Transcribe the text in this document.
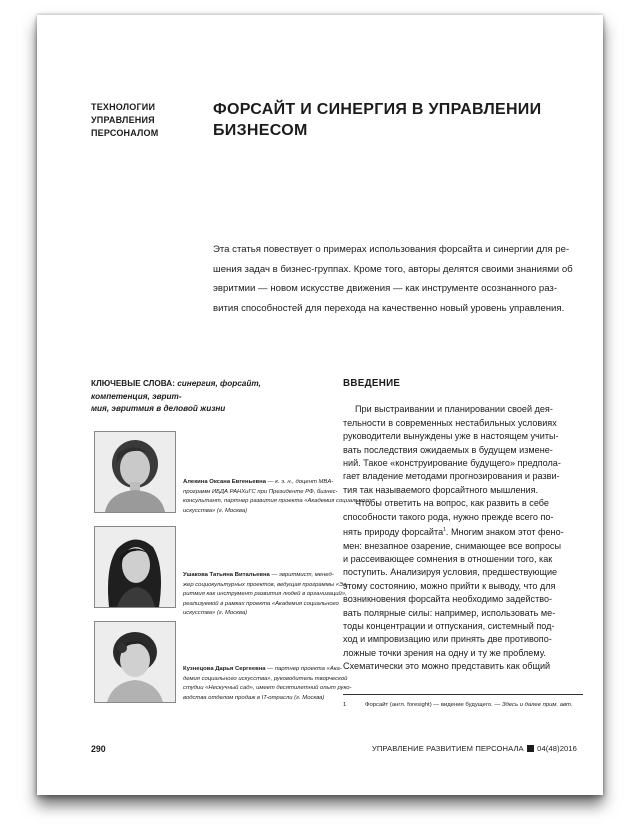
ТЕХНОЛОГИИ
УПРАВЛЕНИЯ
ПЕРСОНАЛОМ
ФОРСАЙТ И СИНЕРГИЯ В УПРАВЛЕНИИ
БИЗНЕСОМ
Эта статья повествует о примерах использования форсайта и синергии для ре-
шения задач в бизнес-группах. Кроме того, авторы делятся своими знаниями об
эвритмии — новом искусстве движения — как инструменте осознанного раз-
вития способностей для перехода на качественно новый уровень управления.
КЛЮЧЕВЫЕ СЛОВА: синергия, форсайт, компетенция, эврит-
мия, эвритмия в деловой жизни
Алекина Оксана Евгеньевна — к. э. н., доцент MBA-
программ ИБДА РАНХиГС при Президенте РФ, бизнес-
консультант, партнер развития проекта «Академия социального
искусства» (г. Москва)
Ушакова Татьяна Витальевна — эвритмист, менед-
жер социокультурных проектов, ведущая программы «Эв-
ритмия как инструмент развития людей в организаций»,
реализуемой в рамках проекта «Академия социального
искусства» (г. Москва)
Кузнецова Дарья Сергеевна — партнер проекта «Ака-
демия социального искусства», руководитель творческой
студии «Нескучный сад», имеет десятилетний опыт руко-
водства отделом продаж в IT-отрасли (г. Москва)
ВВЕДЕНИЕ
При выстраивании и планировании своей дея-
тельности в современных нестабильных условиях
руководители вынуждены уже в настоящем учиты-
вать последствия ожидаемых в будущем измене-
ний. Такое «конструирование будущего» предпола-
гает владение методами прогнозирования и разви-
тия так называемого форсайтного мышления.
Чтобы ответить на вопрос, как развить в себе
способности такого рода, нужно прежде всего по-
нять природу форсайта$^1$. Многим знаком этот фено-
мен: внезапное озарение, снимающее все вопросы
и рассеивающее сомнения в отношении того, как
поступить. Анализируя условия, предшествующие
этому состоянию, можно прийти к выводу, что для
возникновения форсайта необходимо задейство-
вать полярные силы: например, использовать ме-
тоды концентрации и отпускания, системный под-
ход и импровизацию или принять две противопо-
ложные точки зрения на одну и ту же проблему.
Схематически это можно представить как общий
1	Форсайт (англ. foresight) — видение будущего. — Здесь и далее прим. авт.
290	УПРАВЛЕНИЕ РАЗВИТИЕМ ПЕРСОНАЛА 04(48)2016
